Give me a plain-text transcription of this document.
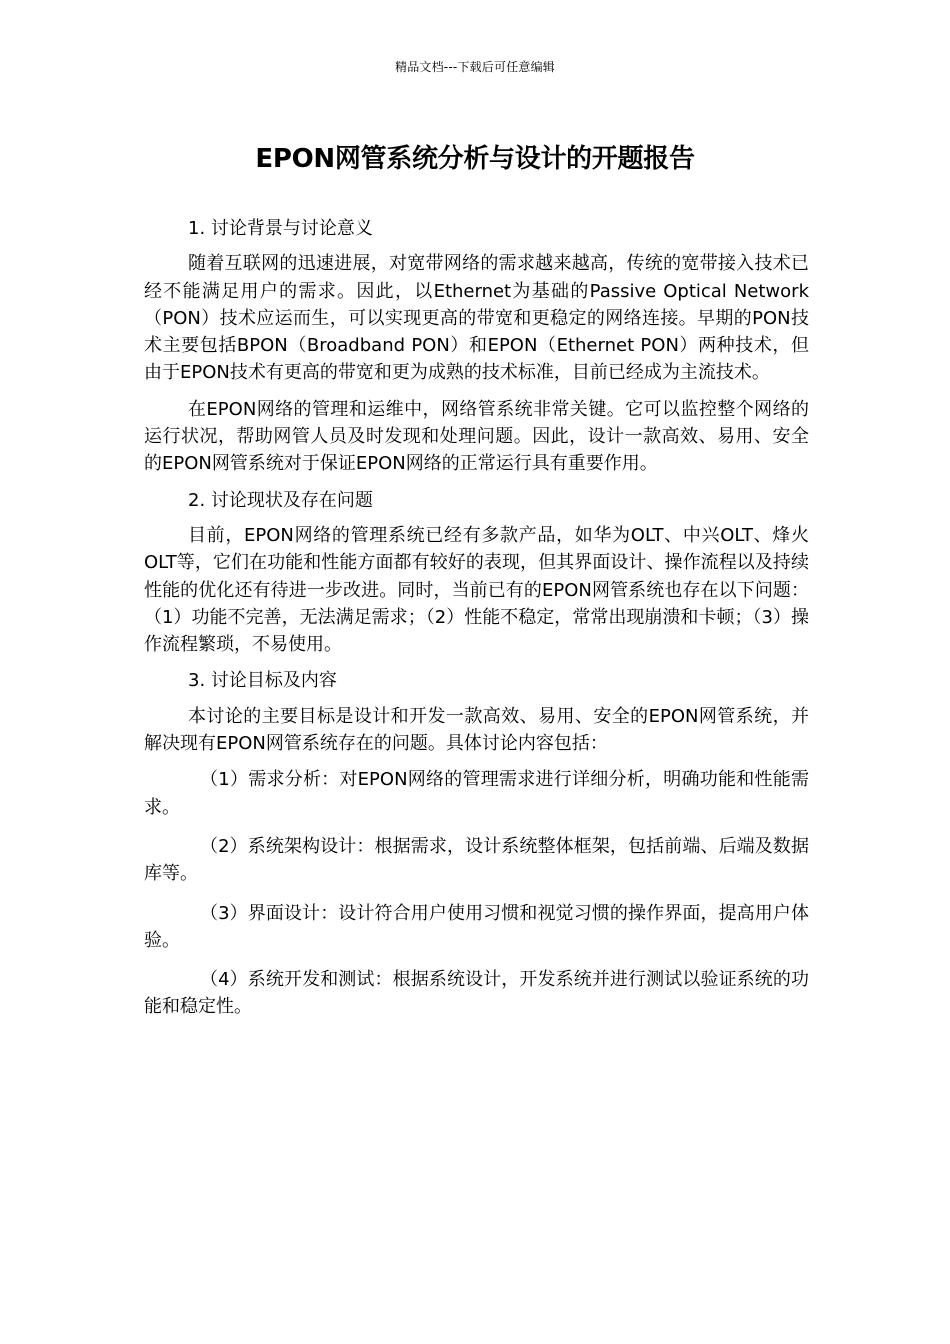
精品文档---下载后可任意编辑
EPON网管系统分析与设计的开题报告

1. 讨论背景与讨论意义

随着互联网的迅速进展，对宽带网络的需求越来越高，传统的宽带接入技术已经不能满足用户的需求。因此，以Ethernet为基础的Passive Optical Network（PON）技术应运而生，可以实现更高的带宽和更稳定的网络连接。早期的PON技术主要包括BPON（Broadband PON）和EPON（Ethernet PON）两种技术，但由于EPON技术有更高的带宽和更为成熟的技术标准，目前已经成为主流技术。

在EPON网络的管理和运维中，网络管系统非常关键。它可以监控整个网络的运行状况，帮助网管人员及时发现和处理问题。因此，设计一款高效、易用、安全的EPON网管系统对于保证EPON网络的正常运行具有重要作用。

2. 讨论现状及存在问题

目前，EPON网络的管理系统已经有多款产品，如华为OLT、中兴OLT、烽火OLT等，它们在功能和性能方面都有较好的表现，但其界面设计、操作流程以及持续性能的优化还有待进一步改进。同时，当前已有的EPON网管系统也存在以下问题：（1）功能不完善，无法满足需求；（2）性能不稳定，常常出现崩溃和卡顿；（3）操作流程繁琐，不易使用。

3. 讨论目标及内容

本讨论的主要目标是设计和开发一款高效、易用、安全的EPON网管系统，并解决现有EPON网管系统存在的问题。具体讨论内容包括：

（1）需求分析：对EPON网络的管理需求进行详细分析，明确功能和性能需求。

（2）系统架构设计：根据需求，设计系统整体框架，包括前端、后端及数据库等。

（3）界面设计：设计符合用户使用习惯和视觉习惯的操作界面，提高用户体验。

（4）系统开发和测试：根据系统设计，开发系统并进行测试以验证系统的功能和稳定性。
